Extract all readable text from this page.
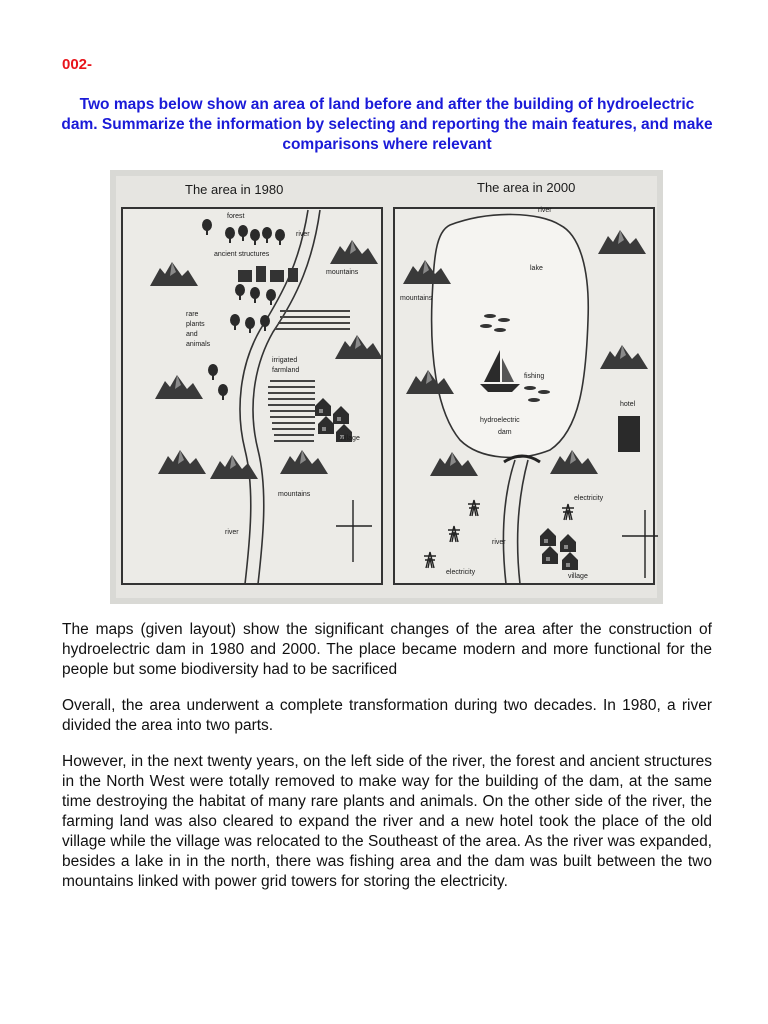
002-
Two maps below show an area of land before and after the building of hydroelectric dam. Summarize the information by selecting and reporting the main features, and make comparisons where relevant
The area in 1980	The area in 2000
forest
river
ancient structures
mountains
rare
plants
and
animals
irrigated
farmland
village
mountains
river
river
lake
mountains
fishing
hotel
hydroelectric
dam
electricity
river
electricity
village

The maps (given layout) show the significant changes of the area after the construction of hydroelectric dam in 1980 and 2000. The place became modern and more functional for the people but some biodiversity had to be sacrificed

Overall, the area underwent a complete transformation during two decades. In 1980, a river divided the area into two parts.

However, in the next twenty years, on the left side of the river, the forest and ancient structures in the North West were totally removed to make way for the building of the dam, at the same time destroying the habitat of many rare plants and animals. On the other side of the river, the farming land was also cleared to expand the river and a new hotel took the place of the old village while the village was relocated to the Southeast of the area. As the river was expanded, besides a lake in in the north, there was fishing area and the dam was built between the two mountains linked with power grid towers for storing the electricity.
